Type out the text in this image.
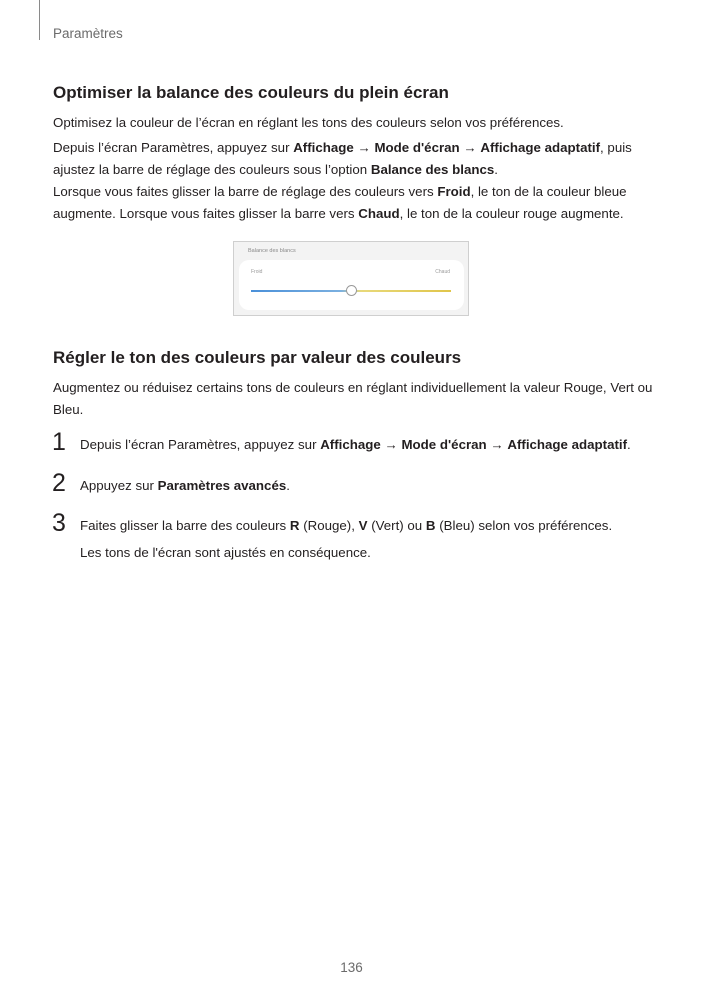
Paramètres
Optimiser la balance des couleurs du plein écran

Optimisez la couleur de l’écran en réglant les tons des couleurs selon vos préférences.

Depuis l’écran Paramètres, appuyez sur Affichage → Mode d'écran → Affichage adaptatif, puis ajustez la barre de réglage des couleurs sous l’option Balance des blancs.

Lorsque vous faites glisser la barre de réglage des couleurs vers Froid, le ton de la couleur bleue augmente. Lorsque vous faites glisser la barre vers Chaud, le ton de la couleur rouge augmente.

Balance des blancs
Froid	Chaud
Régler le ton des couleurs par valeur des couleurs

Augmentez ou réduisez certains tons de couleurs en réglant individuellement la valeur Rouge, Vert ou Bleu.

1 Depuis l’écran Paramètres, appuyez sur Affichage → Mode d'écran → Affichage adaptatif.

2 Appuyez sur Paramètres avancés.

3 Faites glisser la barre des couleurs R (Rouge), V (Vert) ou B (Bleu) selon vos préférences.

Les tons de l'écran sont ajustés en conséquence.

136
